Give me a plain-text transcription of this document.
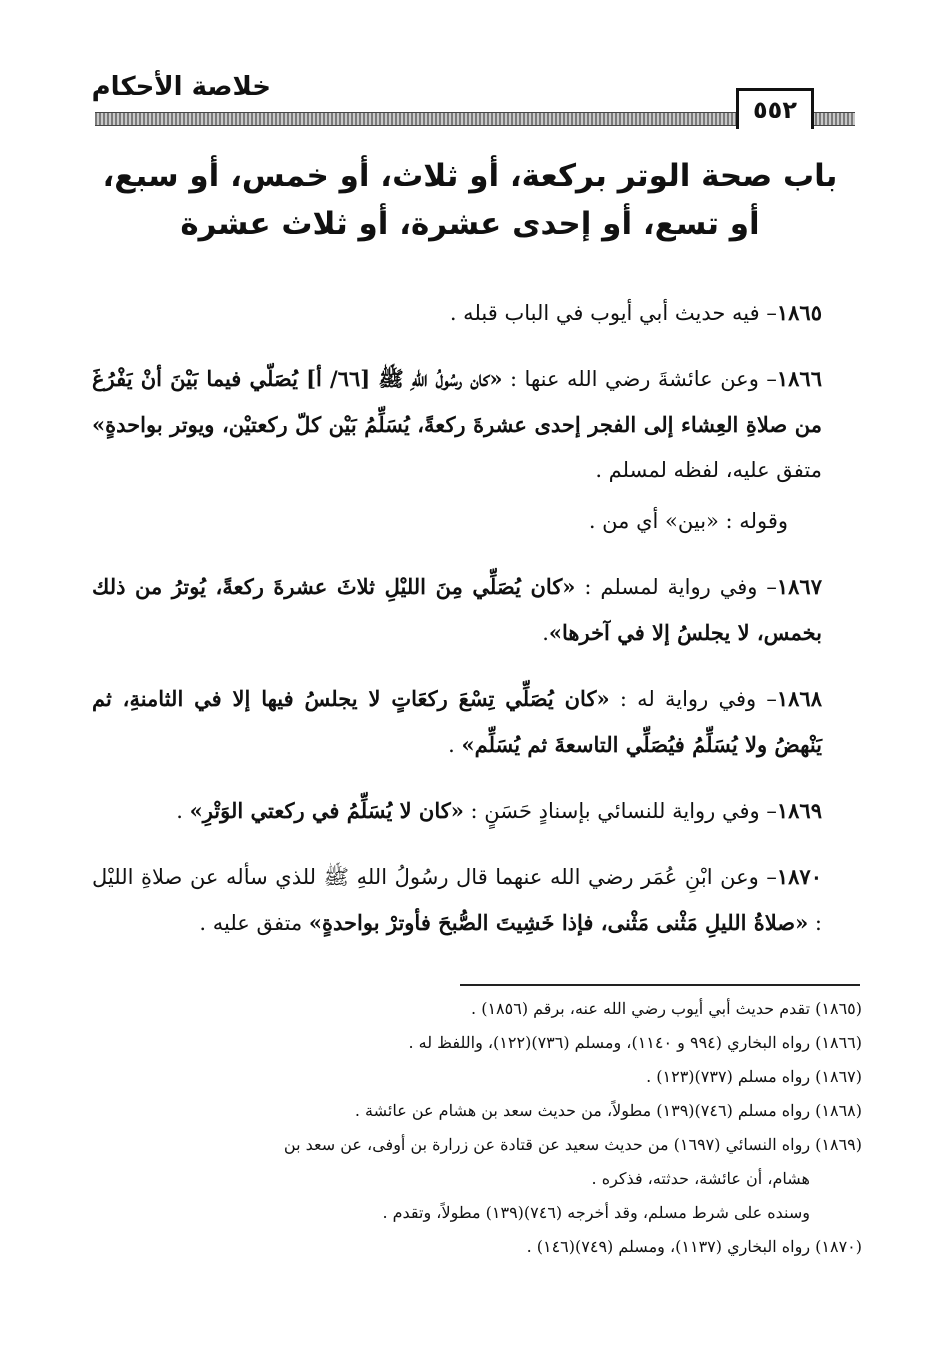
خلاصة الأحكام
٥٥٢
باب صحة الوتر بركعة، أو ثلاث، أو خمس، أو سبع،
أو تسع، أو إحدى عشرة، أو ثلاث عشرة

١٨٦٥– فيه حديث أبي أيوب في الباب قبله .

١٨٦٦– وعن عائشةَ رضي الله عنها : «كان رسُولُ اللهِ ﷺ [٦٦/ أ] يُصَلّي فيما بَيْنَ أنْ يَفْرُغَ من صلاةِ العِشاء إلى الفجر إحدى عشرةَ ركعةً، يُسَلِّمُ بَيْن كلّ ركعتيْن، ويوتر بواحدةٍ» متفق عليه، لفظه لمسلم .

وقوله : «بين» أي من .

١٨٦٧– وفي رواية لمسلم : «كان يُصَلِّي مِنَ الليْلِ ثلاثَ عشرةَ ركعةً، يُوترُ من ذلك بخمس، لا يجلسُ إلا في آخرها».

١٨٦٨– وفي رواية له : «كان يُصَلِّي تِسْعَ ركعَاتٍ لا يجلسُ فيها إلا في الثامنةِ، ثم يَنْهضُ ولا يُسَلِّمُ فيُصَلِّي التاسعةَ ثم يُسَلِّم» .

١٨٦٩– وفي رواية للنسائي بإسنادٍ حَسَنٍ : «كان لا يُسَلِّمُ في ركعتي الوَتْرِ» .

١٨٧٠– وعن ابْنِ عُمَر رضي الله عنهما قال رسُولُ اللهِ ﷺ للذي سأله عن صلاةِ الليْل : «صلاةُ الليلِ مَثْنى مَثْنى، فإذا خَشِيتَ الصُّبحَ فأوترْ بواحدةٍ» متفق عليه .

(١٨٦٥) تقدم حديث أبي أيوب رضي الله عنه، برقم (١٨٥٦) .

(١٨٦٦) رواه البخاري (٩٩٤ و ١١٤٠)، ومسلم (٧٣٦)(١٢٢)، واللفظ له .

(١٨٦٧) رواه مسلم (٧٣٧)(١٢٣) .

(١٨٦٨) رواه مسلم (٧٤٦)(١٣٩) مطولاً، من حديث سعد بن هشام عن عائشة .

(١٨٦٩) رواه النسائي (١٦٩٧) من حديث سعيد عن قتادة عن زرارة بن أوفى، عن سعد بن

هشام، أن عائشة، حدثته، فذكره .

وسنده على شرط مسلم، وقد أخرجه (٧٤٦)(١٣٩) مطولاً، وتقدم .

(١٨٧٠) رواه البخاري (١١٣٧)، ومسلم (٧٤٩)(١٤٦) .
